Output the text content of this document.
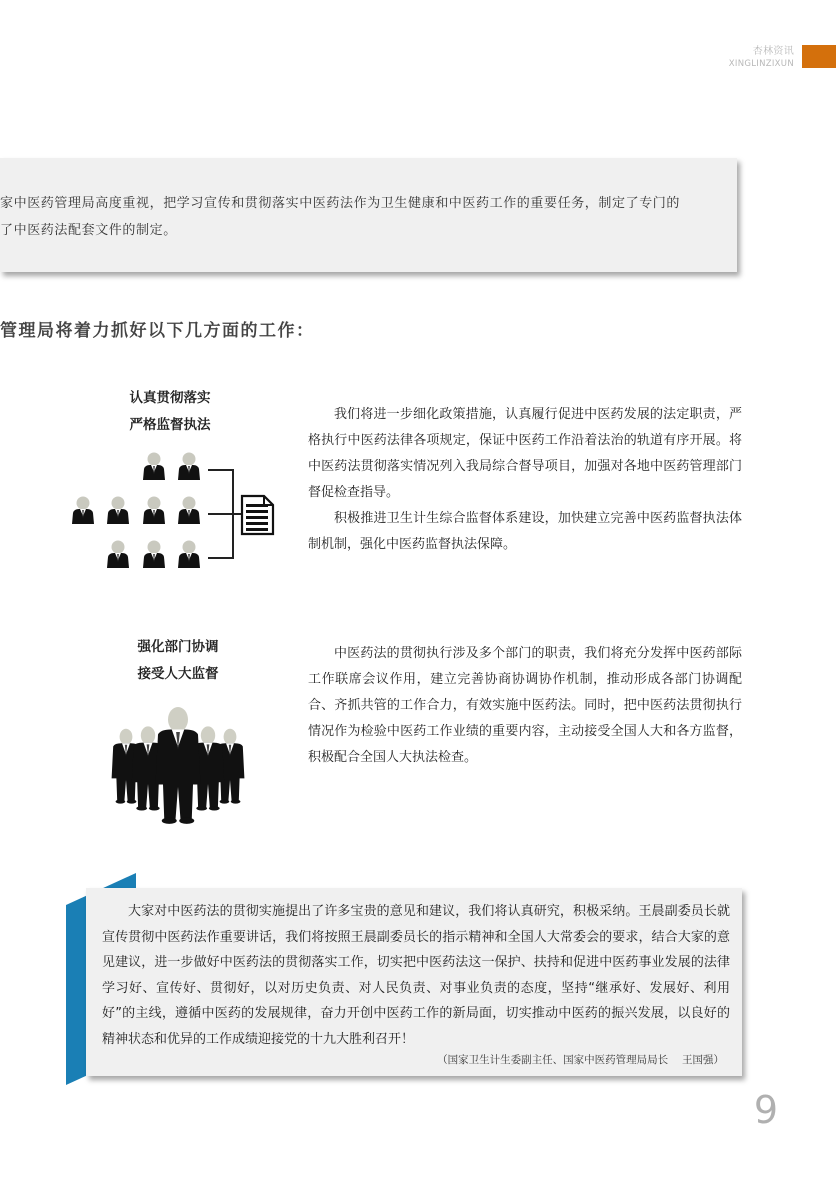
杏林资讯
XINGLINZIXUN

家中医药管理局高度重视，把学习宣传和贯彻落实中医药法作为卫生健康和中医药工作的重要任务，制定了专门的

了中医药法配套文件的制定。

管理局将着力抓好以下几方面的工作：
认真贯彻落实
严格监督执法

我们将进一步细化政策措施，认真履行促进中医药发展的法定职责，严格执行中医药法律各项规定，保证中医药工作沿着法治的轨道有序开展。将中医药法贯彻落实情况列入我局综合督导项目，加强对各地中医药管理部门督促检查指导。

积极推进卫生计生综合监督体系建设，加快建立完善中医药监督执法体制机制，强化中医药监督执法保障。

强化部门协调
接受人大监督

中医药法的贯彻执行涉及多个部门的职责，我们将充分发挥中医药部际工作联席会议作用，建立完善协商协调协作机制，推动形成各部门协调配合、齐抓共管的工作合力，有效实施中医药法。同时，把中医药法贯彻执行情况作为检验中医药工作业绩的重要内容，主动接受全国人大和各方监督，积极配合全国人大执法检查。

大家对中医药法的贯彻实施提出了许多宝贵的意见和建议，我们将认真研究，积极采纳。王晨副委员长就宣传贯彻中医药法作重要讲话，我们将按照王晨副委员长的指示精神和全国人大常委会的要求，结合大家的意见建议，进一步做好中医药法的贯彻落实工作，切实把中医药法这一保护、扶持和促进中医药事业发展的法律学习好、宣传好、贯彻好，以对历史负责、对人民负责、对事业负责的态度，坚持“继承好、发展好、利用好”的主线，遵循中医药的发展规律，奋力开创中医药工作的新局面，切实推动中医药的振兴发展，以良好的精神状态和优异的工作成绩迎接党的十九大胜利召开！

（国家卫生计生委副主任、国家中医药管理局局长　 王国强）
9
